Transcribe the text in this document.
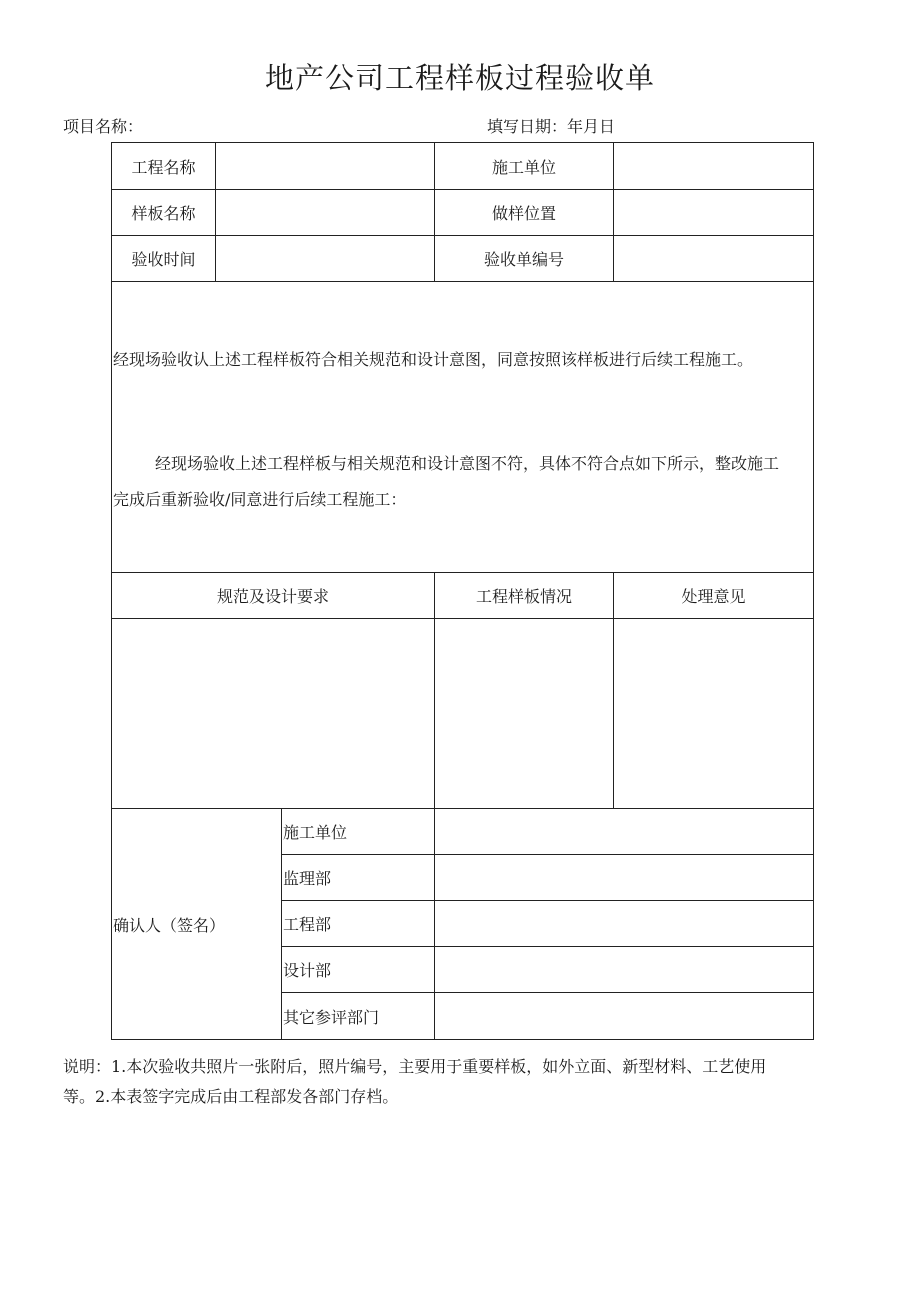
地产公司工程样板过程验收单
项目名称：	填写日期：年月日
工程名称			施工单位	
样板名称			做样位置	
验收时间			验收单编号	

经现场验收认上述工程样板符合相关规范和设计意图，同意按照该样板进行后续工程施工。

经现场验收上述工程样板与相关规范和设计意图不符，具体不符合点如下所示，整改施工

完成后重新验收/同意进行后续工程施工：				

规范及设计要求			工程样板情况	处理意见

确认人（签名）		施工单位		
		监理部		
		工程部		
		设计部		
		其它参评部门		
说明：1.本次验收共照片一张附后，照片编号，主要用于重要样板，如外立面、新型材料、工艺使用
等。2.本表签字完成后由工程部发各部门存档。
